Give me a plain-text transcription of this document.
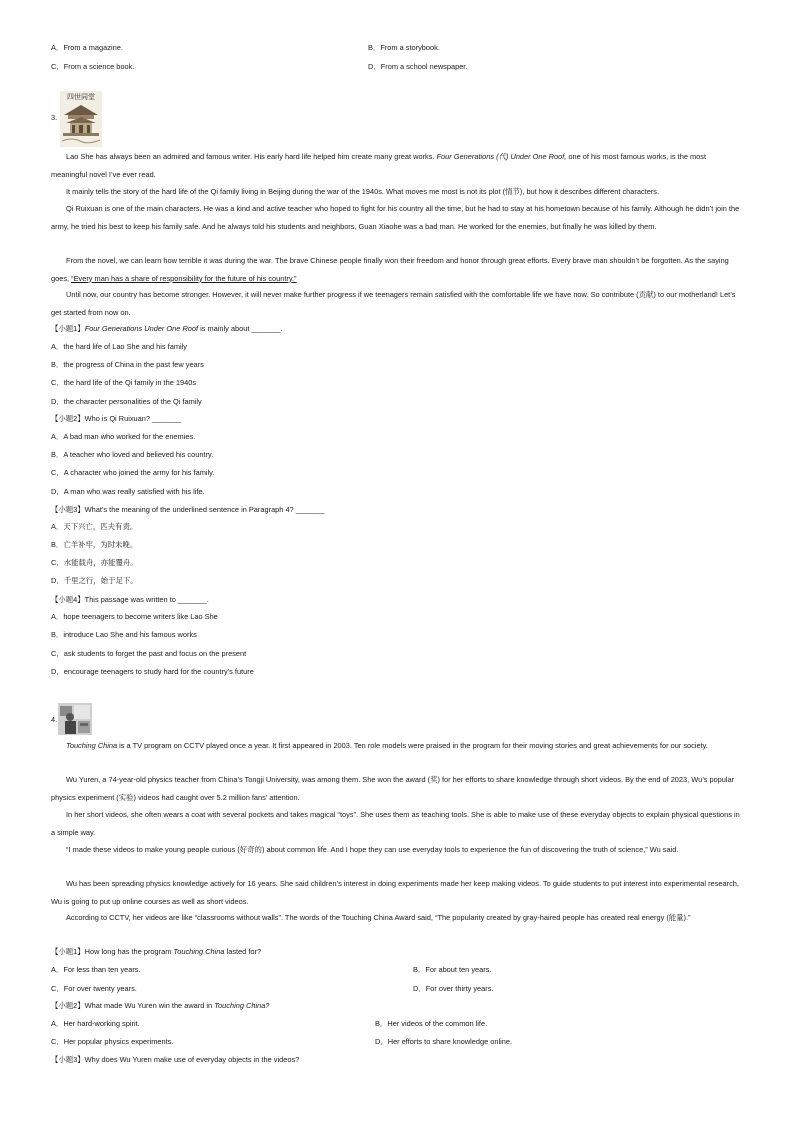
A．From a magazine.	B．From a storybook.
C．From a science book.	D．From a school newspaper.
3.
四世同堂
Lao She has always been an admired and famous writer. His early hard life helped him create many great works. Four Generations (代) Under One Roof, one of his most famous works, is the most meaningful novel I’ve ever read.
It mainly tells the story of the hard life of the Qi family living in Beijing during the war of the 1940s. What moves me most is not its plot (情节), but how it describes different characters.
Qi Ruixuan is one of the main characters. He was a kind and active teacher who hoped to fight for his country all the time, but he had to stay at his hometown because of his family. Although he didn’t join the army, he tried his best to keep his family safe. And he always told his students and neighbors, Guan Xiaohe was a bad man. He worked for the enemies, but finally he was killed by them.
From the novel, we can learn how terrible it was during the war. The brave Chinese people finally won their freedom and honor through great efforts. Every brave man shouldn’t be forgotten. As the saying goes, “Every man has a share of responsibility for the future of his country.”
Until now, our country has become stronger. However, it will never make further progress if we teenagers remain satisfied with the comfortable life we have now. So contribute (贡献) to our motherland! Let’s get started from now on.
【小题1】Four Generations Under One Roof is mainly about _______.
A．the hard life of Lao She and his family
B．the progress of China in the past few years
C．the hard life of the Qi family in the 1940s
D．the character personalities of the Qi family
【小题2】Who is Qi Ruixuan? _______
A．A bad man who worked for the enemies.
B．A teacher who loved and believed his country.
C．A character who joined the army for his family.
D．A man who was really satisfied with his life.
【小题3】What’s the meaning of the underlined sentence in Paragraph 4? _______
A．天下兴亡，匹夫有责。
B．亡羊补牢，为时未晚。
C．水能载舟，亦能覆舟。
D．千里之行，始于足下。
【小题4】This passage was written to _______.
A．hope teenagers to become writers like Lao She
B．introduce Lao She and his famous works
C．ask students to forget the past and focus on the present
D．encourage teenagers to study hard for the country’s future
4.
Touching China is a TV program on CCTV played once a year. It first appeared in 2003. Ten role models were praised in the program for their moving stories and great achievements for our society.
Wu Yuren, a 74-year-old physics teacher from China’s Tongji University, was among them. She won the award (奖) for her efforts to share knowledge through short videos. By the end of 2023, Wu’s popular physics experiment (实验) videos had caught over 5.2 million fans’ attention.
In her short videos, she often wears a coat with several pockets and takes magical “toys”. She uses them as teaching tools. She is able to make use of these everyday objects to explain physical questions in a simple way.
“I made these videos to make young people curious (好奇的) about common life. And I hope they can use everyday tools to experience the fun of discovering the truth of science,” Wu said.
Wu has been spreading physics knowledge actively for 16 years. She said children’s interest in doing experiments made her keep making videos. To guide students to put interest into experimental research, Wu is going to put up online courses as well as short videos.
According to CCTV, her videos are like “classrooms without walls”. The words of the Touching China Award said, “The popularity created by gray-haired people has created real energy (能量).”
【小题1】How long has the program Touching China lasted for?
A．For less than ten years.	B．For about ten years.
C．For over twenty years.	D．For over thirty years.
【小题2】What made Wu Yuren win the award in Touching China?
A．Her hard-working spirit.	B．Her videos of the common life.
C．Her popular physics experiments.	D．Her efforts to share knowledge online.
【小题3】Why does Wu Yuren make use of everyday objects in the videos?
